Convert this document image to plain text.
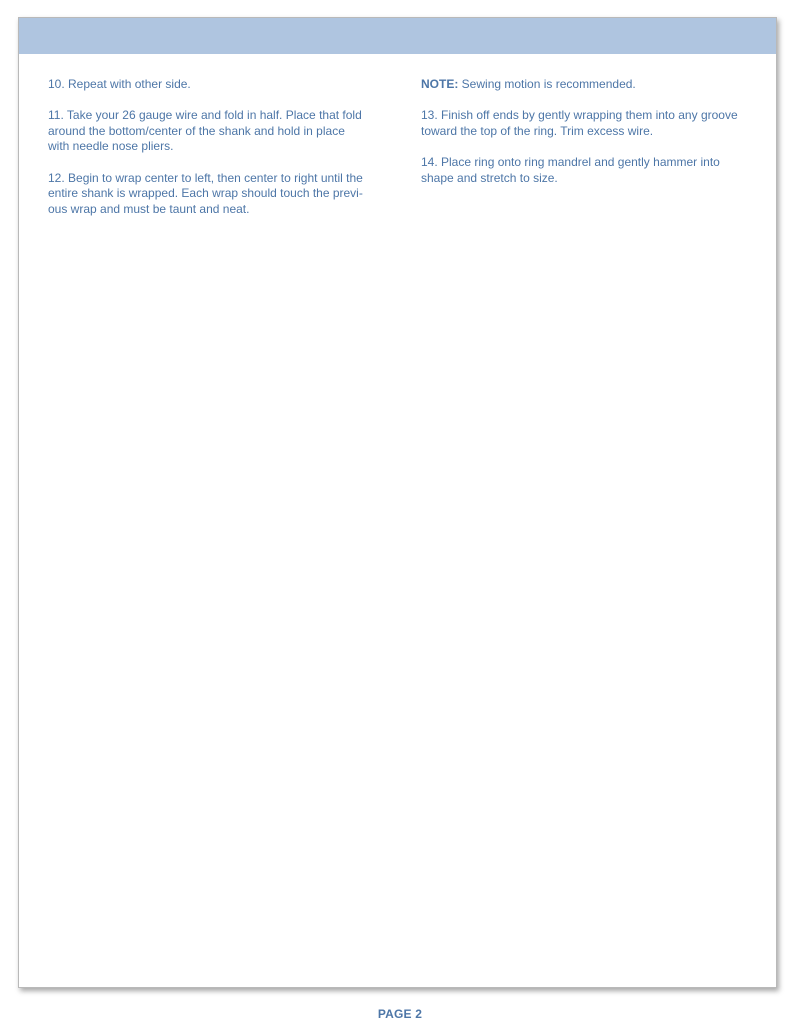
10. Repeat with other side.

11. Take your 26 gauge wire and fold in half. Place that fold
around the bottom/center of the shank and hold in place
with needle nose pliers.

12. Begin to wrap center to left, then center to right until the
entire shank is wrapped. Each wrap should touch the previ-
ous wrap and must be taunt and neat.

NOTE: Sewing motion is recommended.

13. Finish off ends by gently wrapping them into any groove
toward the top of the ring. Trim excess wire.

14. Place ring onto ring mandrel and gently hammer into
shape and stretch to size.

PAGE 2
